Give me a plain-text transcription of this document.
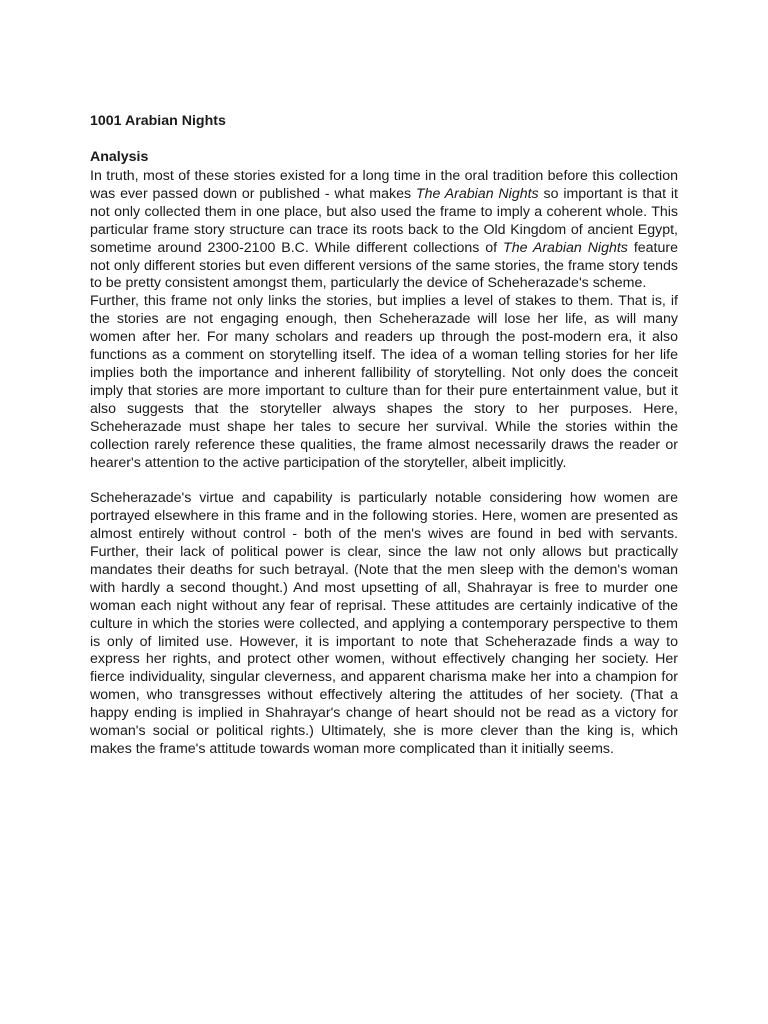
1001 Arabian Nights
Analysis

In truth, most of these stories existed for a long time in the oral tradition before this collection was ever passed down or published - what makes The Arabian Nights so important is that it not only collected them in one place, but also used the frame to imply a coherent whole. This particular frame story structure can trace its roots back to the Old Kingdom of ancient Egypt, sometime around 2300-2100 B.C. While different collections of The Arabian Nights feature not only different stories but even different versions of the same stories, the frame story tends to be pretty consistent amongst them, particularly the device of Scheherazade's scheme.

Further, this frame not only links the stories, but implies a level of stakes to them. That is, if the stories are not engaging enough, then Scheherazade will lose her life, as will many women after her. For many scholars and readers up through the post-modern era, it also functions as a comment on storytelling itself. The idea of a woman telling stories for her life implies both the importance and inherent fallibility of storytelling. Not only does the conceit imply that stories are more important to culture than for their pure entertainment value, but it also suggests that the storyteller always shapes the story to her purposes. Here, Scheherazade must shape her tales to secure her survival. While the stories within the collection rarely reference these qualities, the frame almost necessarily draws the reader or hearer's attention to the active participation of the storyteller, albeit implicitly.

Scheherazade's virtue and capability is particularly notable considering how women are portrayed elsewhere in this frame and in the following stories. Here, women are presented as almost entirely without control - both of the men's wives are found in bed with servants. Further, their lack of political power is clear, since the law not only allows but practically mandates their deaths for such betrayal. (Note that the men sleep with the demon's woman with hardly a second thought.) And most upsetting of all, Shahrayar is free to murder one woman each night without any fear of reprisal. These attitudes are certainly indicative of the culture in which the stories were collected, and applying a contemporary perspective to them is only of limited use. However, it is important to note that Scheherazade finds a way to express her rights, and protect other women, without effectively changing her society. Her fierce individuality, singular cleverness, and apparent charisma make her into a champion for women, who transgresses without effectively altering the attitudes of her society. (That a happy ending is implied in Shahrayar's change of heart should not be read as a victory for woman's social or political rights.) Ultimately, she is more clever than the king is, which makes the frame's attitude towards woman more complicated than it initially seems.
